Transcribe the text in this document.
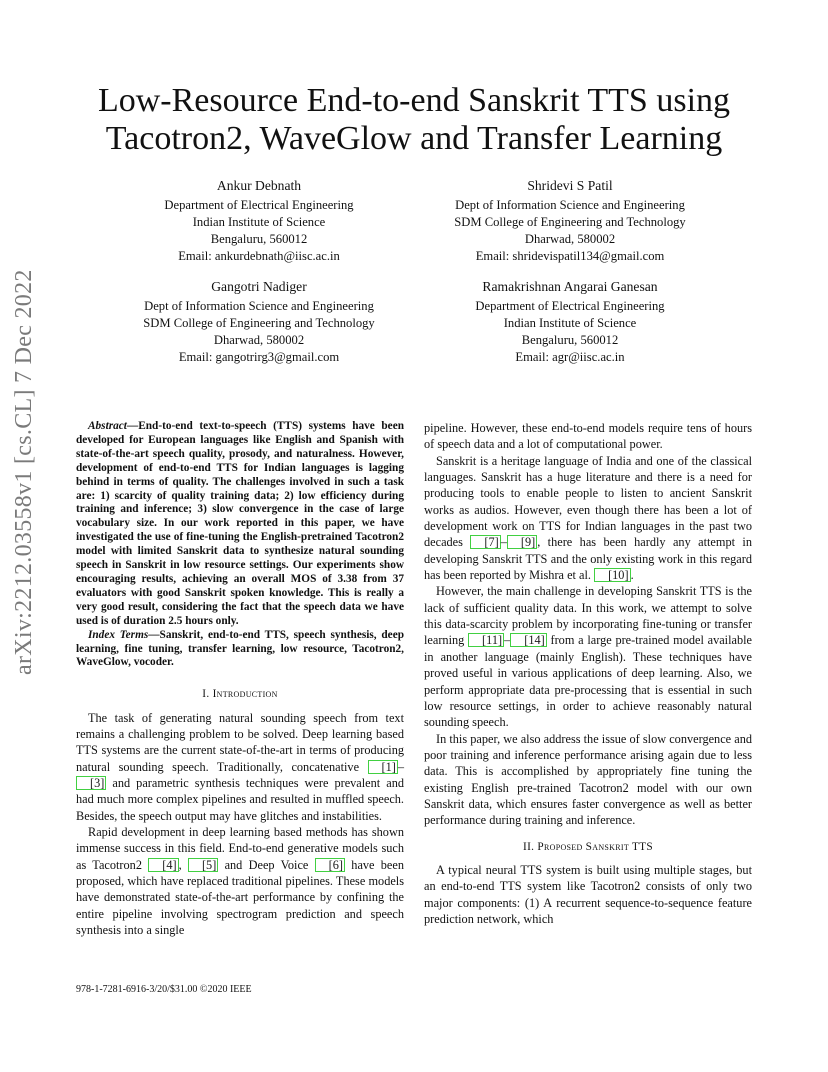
arXiv:2212.03558v1 [cs.CL] 7 Dec 2022
Low-Resource End-to-end Sanskrit TTS using Tacotron2, WaveGlow and Transfer Learning
Ankur Debnath
Department of Electrical Engineering
Indian Institute of Science
Bengaluru, 560012
Email: ankurdebnath@iisc.ac.in
Shridevi S Patil
Dept of Information Science and Engineering
SDM College of Engineering and Technology
Dharwad, 580002
Email: shridevispatil134@gmail.com
Gangotri Nadiger
Dept of Information Science and Engineering
SDM College of Engineering and Technology
Dharwad, 580002
Email: gangotrirg3@gmail.com
Ramakrishnan Angarai Ganesan
Department of Electrical Engineering
Indian Institute of Science
Bengaluru, 560012
Email: agr@iisc.ac.in

Abstract—End-to-end text-to-speech (TTS) systems have been developed for European languages like English and Spanish with state-of-the-art speech quality, prosody, and naturalness. However, development of end-to-end TTS for Indian languages is lagging behind in terms of quality. The challenges involved in such a task are: 1) scarcity of quality training data; 2) low efficiency during training and inference; 3) slow convergence in the case of large vocabulary size. In our work reported in this paper, we have investigated the use of fine-tuning the English-pretrained Tacotron2 model with limited Sanskrit data to synthesize natural sounding speech in Sanskrit in low resource settings. Our experiments show encouraging results, achieving an overall MOS of 3.38 from 37 evaluators with good Sanskrit spoken knowledge. This is really a very good result, considering the fact that the speech data we have used is of duration 2.5 hours only.

Index Terms—Sanskrit, end-to-end TTS, speech synthesis, deep learning, fine tuning, transfer learning, low resource, Tacotron2, WaveGlow, vocoder.

I. Introduction

The task of generating natural sounding speech from text remains a challenging problem to be solved. Deep learning based TTS systems are the current state-of-the-art in terms of producing natural sounding speech. Traditionally, concatenative [1] –[3] and parametric synthesis techniques were prevalent and had much more complex pipelines and resulted in muffled speech. Besides, the speech output may have glitches and instabilities.

Rapid development in deep learning based methods has shown immense success in this field. End-to-end generative models such as Tacotron2 [4] , [5] and Deep Voice [6] have been proposed, which have replaced traditional pipelines. These models have demonstrated state-of-the-art performance by confining the entire pipeline involving spectrogram prediction and speech synthesis into a single

pipeline. However, these end-to-end models require tens of hours of speech data and a lot of computational power.

Sanskrit is a heritage language of India and one of the classical languages. Sanskrit has a huge literature and there is a need for producing tools to enable people to listen to ancient Sanskrit works as audios. However, even though there has been a lot of development work on TTS for Indian languages in the past two decades [7] – [9] , there has been hardly any attempt in developing Sanskrit TTS and the only existing work in this regard has been reported by Mishra et al. [10] .

However, the main challenge in developing Sanskrit TTS is the lack of sufficient quality data. In this work, we attempt to solve this data-scarcity problem by incorporating fine-tuning or transfer learning [11] – [14] from a large pre-trained model available in another language (mainly English). These techniques have proved useful in various applications of deep learning. Also, we perform appropriate data pre-processing that is essential in such low resource settings, in order to achieve reasonably natural sounding speech.

In this paper, we also address the issue of slow convergence and poor training and inference performance arising again due to less data. This is accomplished by appropriately fine tuning the existing English pre-trained Tacotron2 model with our own Sanskrit data, which ensures faster convergence as well as better performance during training and inference.

II. Proposed Sanskrit TTS

A typical neural TTS system is built using multiple stages, but an end-to-end TTS system like Tacotron2 consists of only two major components: (1) A recurrent sequence-to-sequence feature prediction network, which

978-1-7281-6916-3/20/$31.00 ©2020 IEEE
